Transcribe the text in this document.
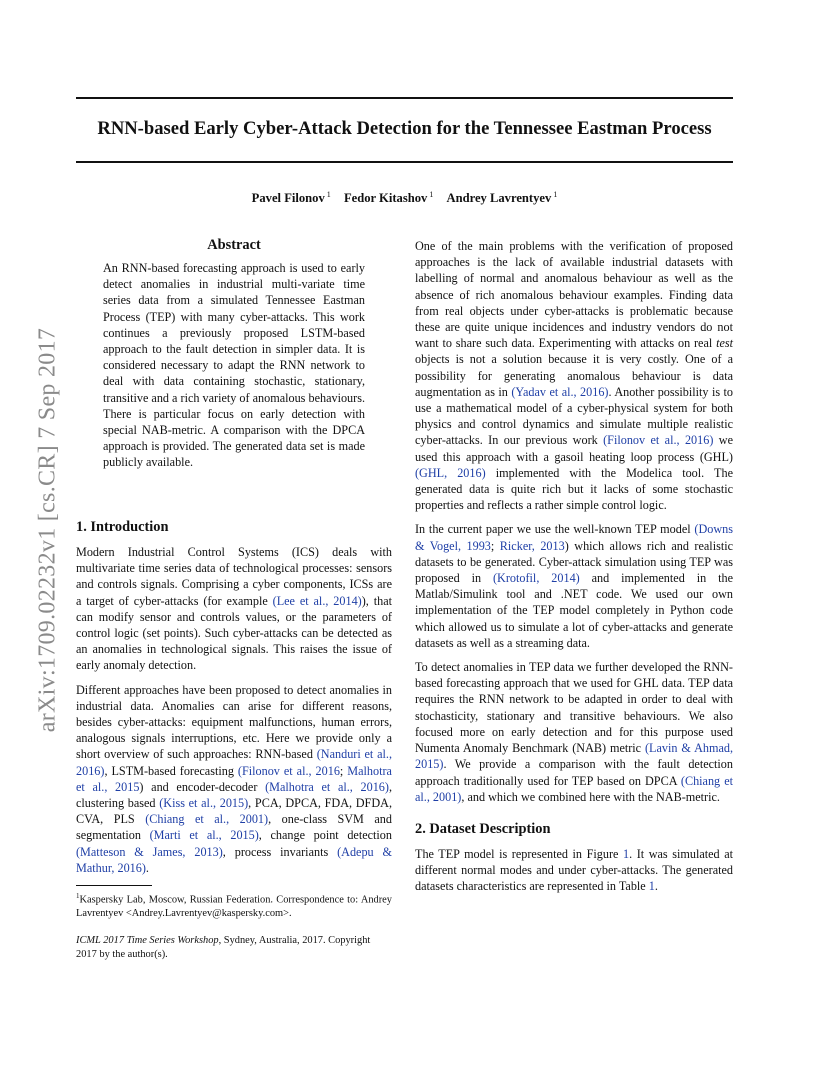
RNN-based Early Cyber-Attack Detection for the Tennessee Eastman Process
Pavel Filonov $^1$ Fedor Kitashov $^1$ Andrey Lavrentyev $^1$
arXiv:1709.02232v1 [cs.CR] 7 Sep 2017
Abstract

An RNN-based forecasting approach is used to early detect anomalies in industrial multi-variate time series data from a simulated Tennessee Eastman Process (TEP) with many cyber-attacks. This work continues a previously proposed LSTM-based approach to the fault detection in simpler data. It is considered necessary to adapt the RNN network to deal with data containing stochastic, stationary, transitive and a rich variety of anomalous behaviours. There is particular focus on early detection with special NAB-metric. A comparison with the DPCA approach is provided. The generated data set is made publicly available.

1. Introduction

Modern Industrial Control Systems (ICS) deals with multivariate time series data of technological processes: sensors and controls signals. Comprising a cyber components, ICSs are a target of cyber-attacks (for example (Lee et al., 2014)), that can modify sensor and controls values, or the parameters of control logic (set points). Such cyber-attacks can be detected as an anomalies in technological signals. This raises the issue of early anomaly detection.

Different approaches have been proposed to detect anomalies in industrial data. Anomalies can arise for different reasons, besides cyber-attacks: equipment malfunctions, human errors, analogous signals interruptions, etc. Here we provide only a short overview of such approaches: RNN-based (Nanduri et al., 2016), LSTM-based forecasting (Filonov et al., 2016; Malhotra et al., 2015) and encoder-decoder (Malhotra et al., 2016), clustering based (Kiss et al., 2015), PCA, DPCA, FDA, DFDA, CVA, PLS (Chiang et al., 2001), one-class SVM and segmentation (Marti et al., 2015), change point detection (Matteson & James, 2013), process invariants (Adepu & Mathur, 2016).

$^1$Kaspersky Lab, Moscow, Russian Federation. Correspondence to: Andrey Lavrentyev <Andrey.Lavrentyev@kaspersky.com>.

ICML 2017 Time Series Workshop, Sydney, Australia, 2017. Copyright 2017 by the author(s).

One of the main problems with the verification of proposed approaches is the lack of available industrial datasets with labelling of normal and anomalous behaviour as well as the absence of rich anomalous behaviour examples. Finding data from real objects under cyber-attacks is problematic because these are quite unique incidences and industry vendors do not want to share such data. Experimenting with attacks on real test objects is not a solution because it is very costly. One of a possibility for generating anomalous behaviour is data augmentation as in (Yadav et al., 2016). Another possibility is to use a mathematical model of a cyber-physical system for both physics and control dynamics and simulate multiple realistic cyber-attacks. In our previous work (Filonov et al., 2016) we used this approach with a gasoil heating loop process (GHL) (GHL, 2016) implemented with the Modelica tool. The generated data is quite rich but it lacks of some stochastic properties and reflects a rather simple control logic.

In the current paper we use the well-known TEP model (Downs & Vogel, 1993; Ricker, 2013) which allows rich and realistic datasets to be generated. Cyber-attack simulation using TEP was proposed in (Krotofil, 2014) and implemented in the Matlab/Simulink tool and .NET code. We used our own implementation of the TEP model completely in Python code which allowed us to simulate a lot of cyber-attacks and generate datasets as well as a streaming data.

To detect anomalies in TEP data we further developed the RNN-based forecasting approach that we used for GHL data. TEP data requires the RNN network to be adapted in order to deal with stochasticity, stationary and transitive behaviours. We also focused more on early detection and for this purpose used Numenta Anomaly Benchmark (NAB) metric (Lavin & Ahmad, 2015). We provide a comparison with the fault detection approach traditionally used for TEP based on DPCA (Chiang et al., 2001), and which we combined here with the NAB-metric.

2. Dataset Description

The TEP model is represented in Figure 1. It was simulated at different normal modes and under cyber-attacks. The generated datasets characteristics are represented in Table 1.
